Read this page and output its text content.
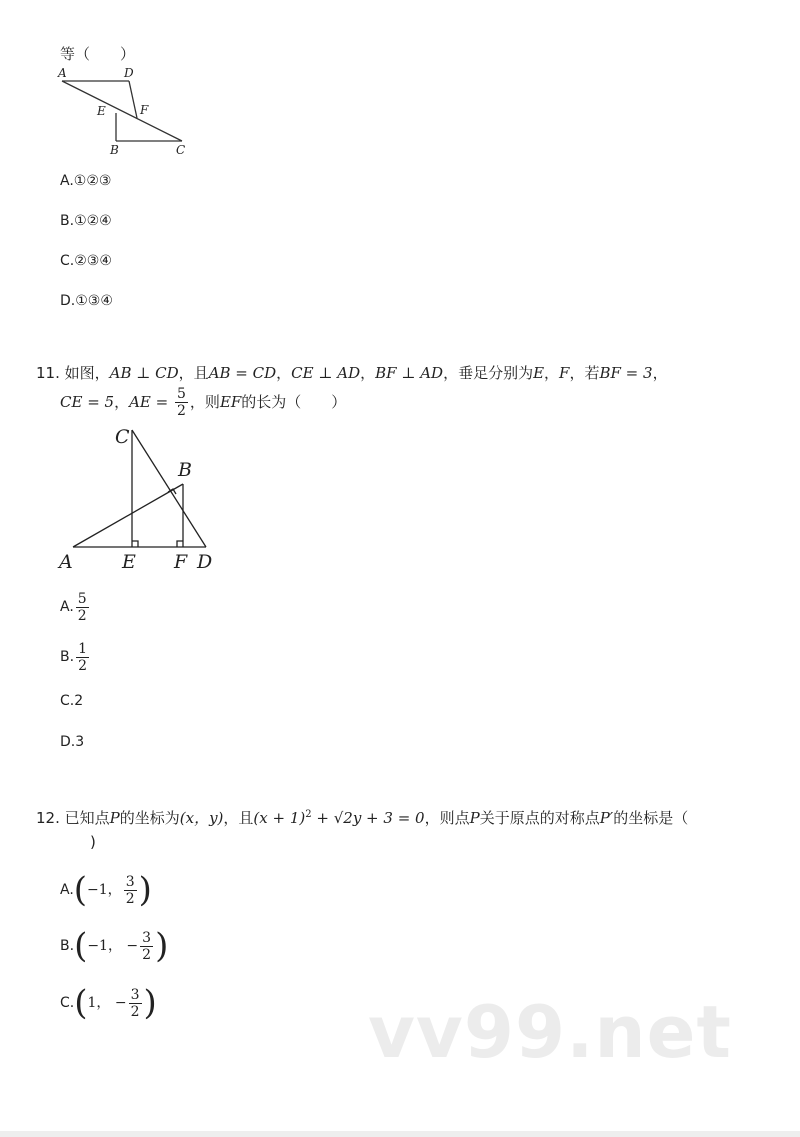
等（　　）
A	D
E	F
B	C
A.①②③
B.①②④
C.②③④
D.①③④
11. 如图，AB ⊥ CD，且AB = CD，CE ⊥ AD，BF ⊥ AD，垂足分别为E，F，若BF = 3，
CE = 5，AE = $\frac{5}{2}$ ，则EF的长为（　　）
C
B
A	E F D
A. $\frac{5}{2}$
B. $\frac{1}{2}$
C.2
D.3
12. 已知点P的坐标为(x，y)，且$(x + 1)^2 + √2y + 3 = 0$，则点P关于原点的对称点P′的坐标是（
)
A.(−1， $\frac{3}{2}$ )
B.(−1， − $\frac{3}{2}$ )
C.(1， − $\frac{3}{2}$ )	vv99.net
